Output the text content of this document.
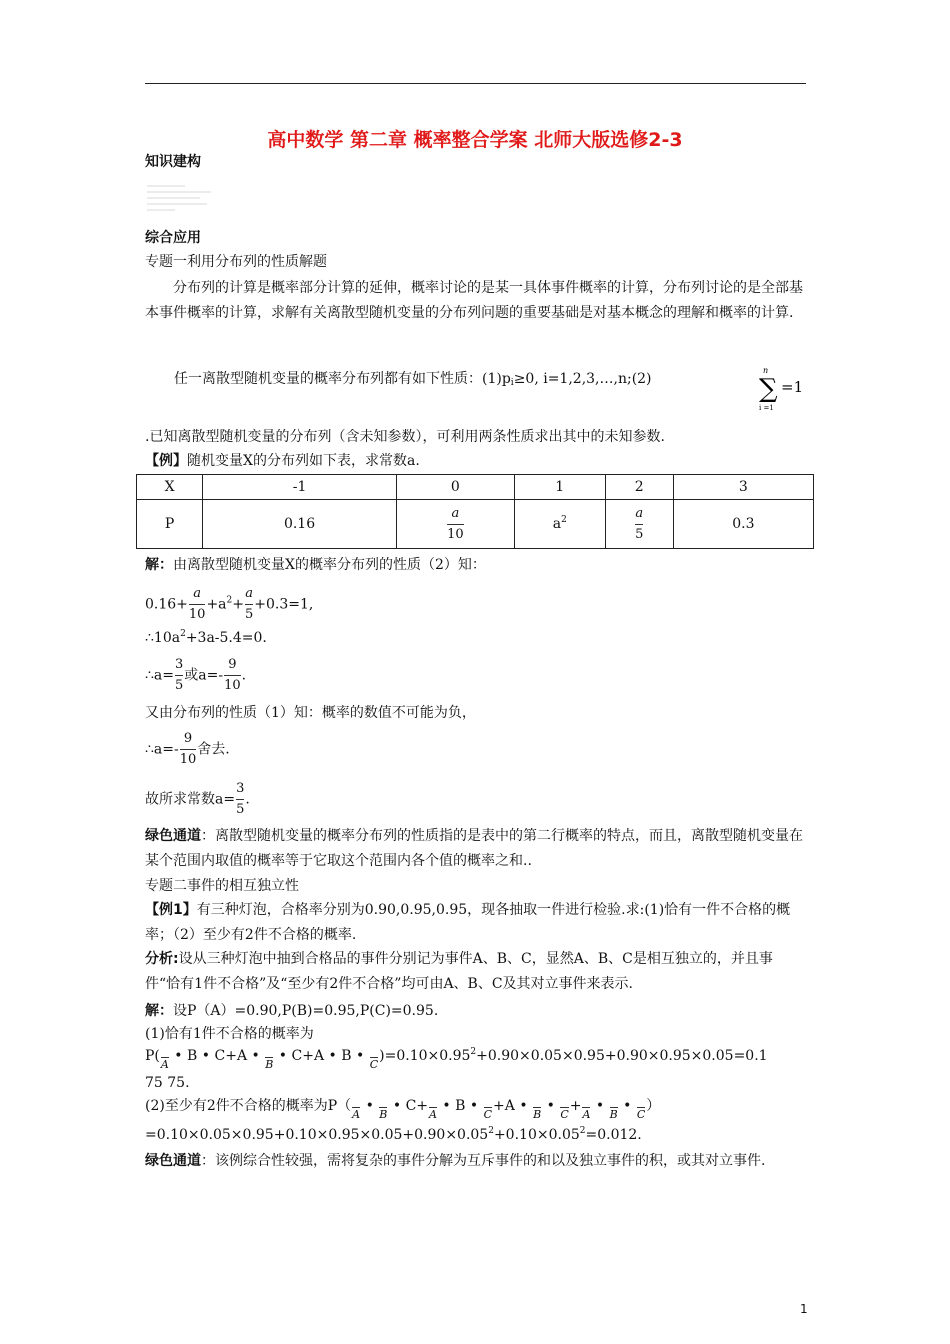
高中数学 第二章 概率整合学案 北师大版选修2-3
知识建构
综合应用
专题一利用分布列的性质解题
分布列的计算是概率部分计算的延伸，概率讨论的是某一具体事件概率的计算，分布列讨论的是全部基本事件概率的计算，求解有关离散型随机变量的分布列问题的重要基础是对基本概念的理解和概率的计算.
任一离散型随机变量的概率分布列都有如下性质：$(1)p_i\ge 0$, i=1,2,3,…,n;(2)
n
∑
i =1
=1
.已知离散型随机变量的分布列（含未知参数），可利用两条性质求出其中的未知参数.
【例】随机变量X的分布列如下表，求常数a.
X	-1	0	1	2	3
P	0.16	$\frac{a}{10}$	$a^2$	$\frac{a}{5}$	0.3
解：由离散型随机变量X的概率分布列的性质（2）知：
$0.16+ \frac{a}{10} +a^2+ \frac{a}{5} +0.3=1$,
$\therefore 10a^2+3a-5.4=0$.
∴a= $\frac{3}{5}$ 或$a=- \frac{9}{10}$ .
又由分布列的性质（1）知：概率的数值不可能为负，
∴a=- $\frac{9}{10}$ 舍去.
故所求常数$a= \frac{3}{5}$ .
绿色通道：离散型随机变量的概率分布列的性质指的是表中的第二行概率的特点，而且，离散型随机变量在某个范围内取值的概率等于它取这个范围内各个值的概率之和..
专题二事件的相互独立性
【例1】有三种灯泡，合格率分别为0.90,0.95,0.95，现各抽取一件进行检验.求:(1)恰有一件不合格的概率；（2）至少有2件不合格的概率.
分析:设从三种灯泡中抽到合格品的事件分别记为事件A、B、C，显然A、B、C是相互独立的，并且事件“恰有1件不合格”及“至少有2件不合格”均可由A、B、C及其对立事件来表示.
解：设P（A）=0.90,P(B)=0.95,P(C)=0.95.
(1)恰有1件不合格的概率为
P(A • B • C+A • B • C+A • B • $C)=0.10\times 0.95^2+0.90\times 0.05\times 0.95+0.90\times 0.95\times 0.05=0.1$
75 75.
(2)至少有2件不合格的概率为P（A • B • C+A • B • C+A • B • C+A • B • C）
$=0.10\times 0.05\times 0.95+0.10\times 0.95\times 0.05+0.90\times 0.05^2+0.10\times 0.05^2=0.012$.
绿色通道：该例综合性较强，需将复杂的事件分解为互斥事件的和以及独立事件的积，或其对立事件.
1
